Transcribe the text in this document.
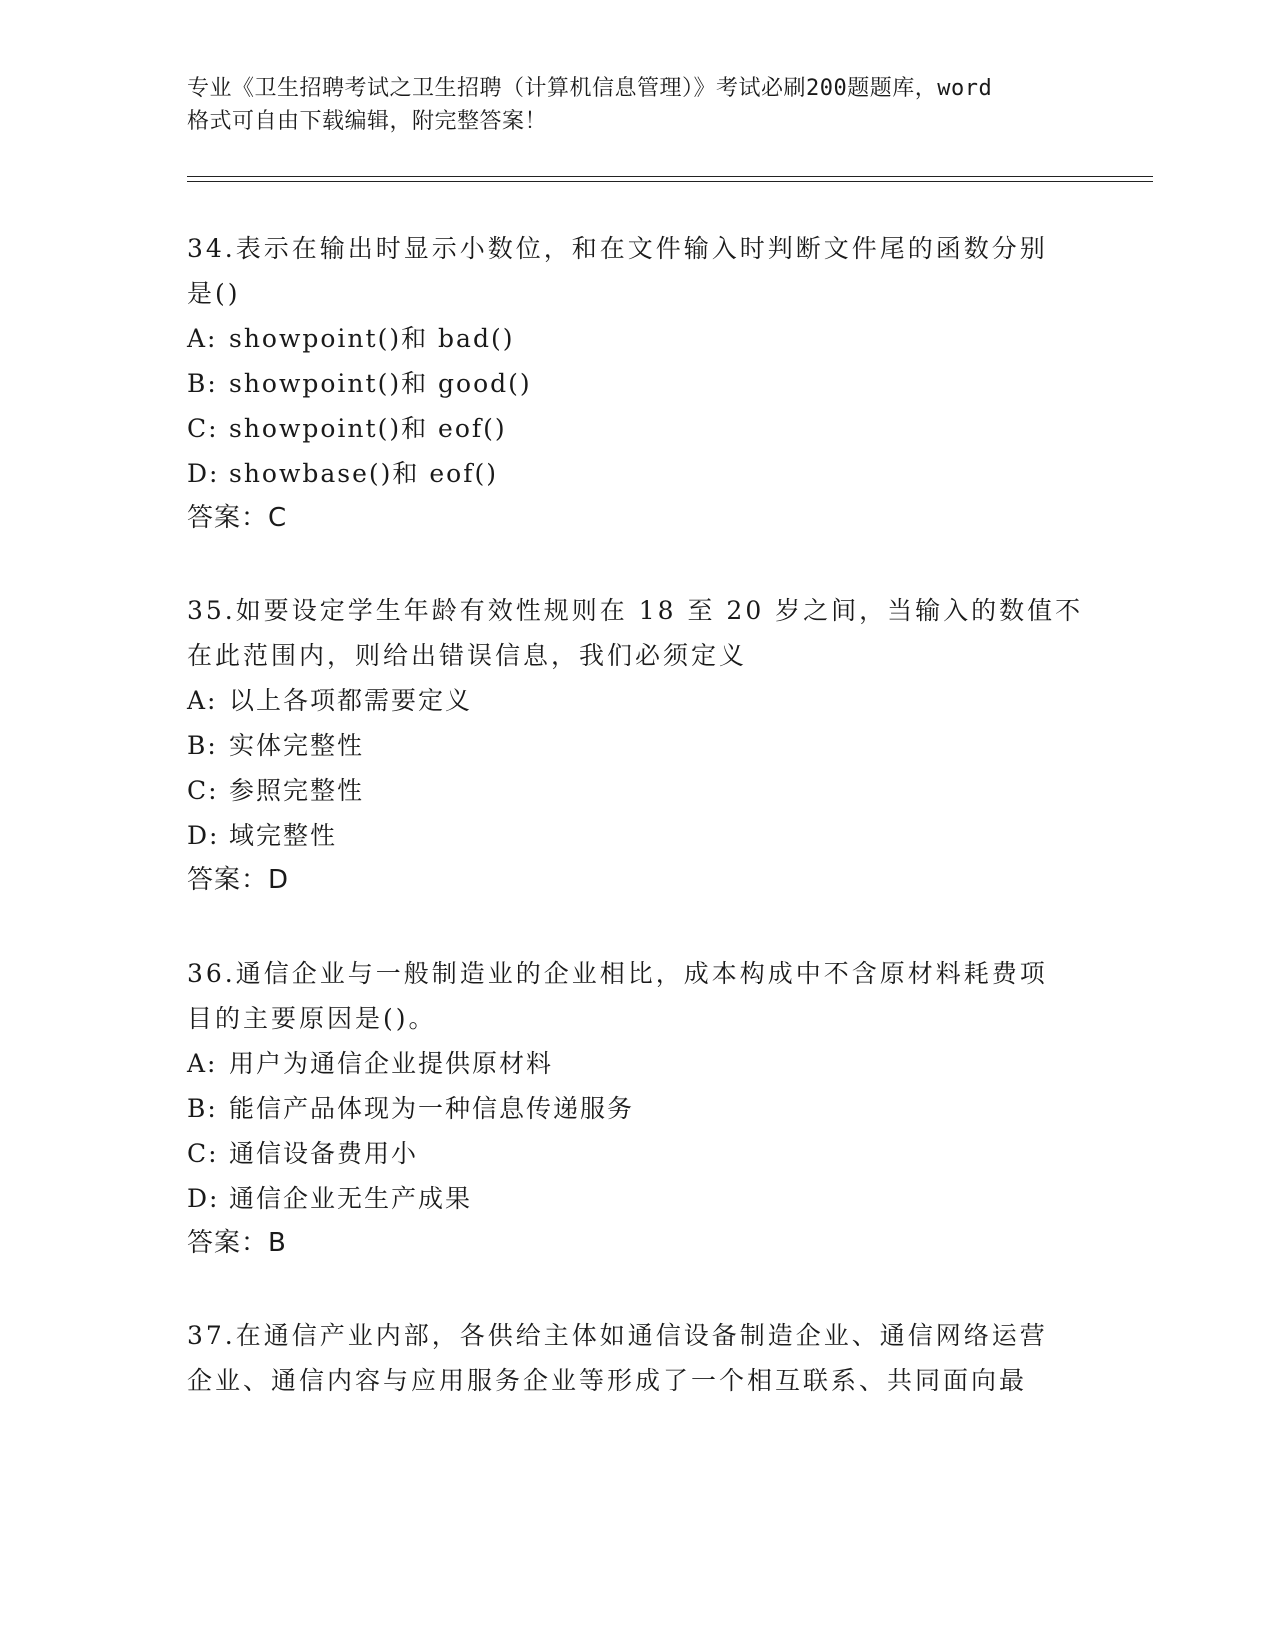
专业《卫生招聘考试之卫生招聘（计算机信息管理）》考试必刷200题题库，word
格式可自由下载编辑，附完整答案！

34.表示在输出时显示小数位，和在文件输入时判断文件尾的函数分别

是()

A: showpoint()和 bad()

B: showpoint()和 good()

C: showpoint()和 eof()

D: showbase()和 eof()

答案：C

35.如要设定学生年龄有效性规则在 18 至 20 岁之间，当输入的数值不

在此范围内，则给出错误信息，我们必须定义

A: 以上各项都需要定义

B: 实体完整性

C: 参照完整性

D: 域完整性

答案：D

36.通信企业与一般制造业的企业相比，成本构成中不含原材料耗费项

目的主要原因是()。

A: 用户为通信企业提供原材料

B: 能信产品体现为一种信息传递服务

C: 通信设备费用小

D: 通信企业无生产成果

答案：B

37.在通信产业内部，各供给主体如通信设备制造企业、通信网络运营

企业、通信内容与应用服务企业等形成了一个相互联系、共同面向最
